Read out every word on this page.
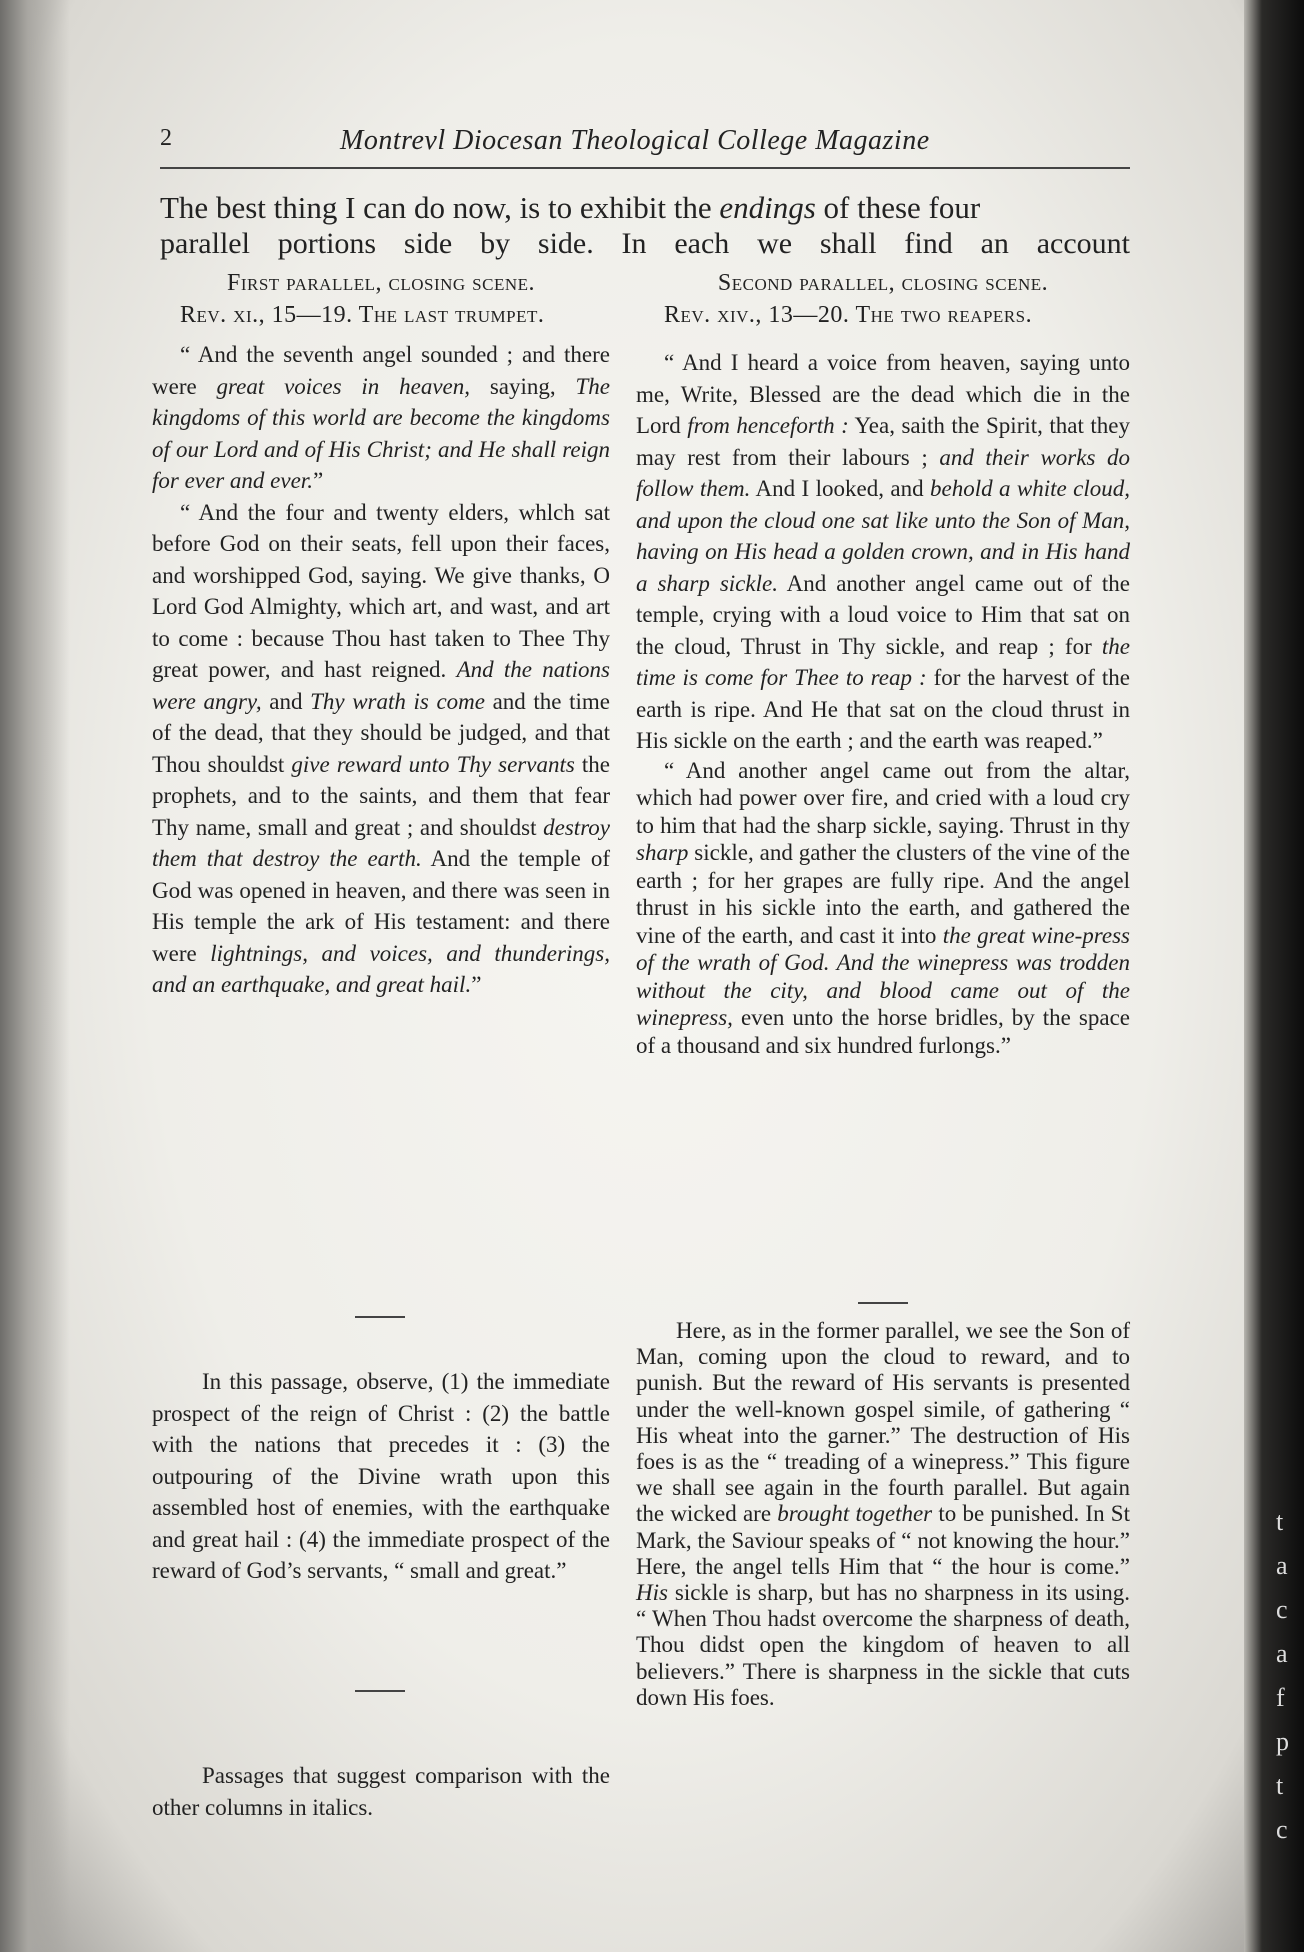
t
a
c
a
f
p
t
c
2	Montrevl Diocesan Theological College Magazine
The best thing I can do now, is to exhibit the endings of these four
parallel portions side by side. In each we shall find an account

First parallel, closing scene.

Rev. xi., 15—19. The last trumpet.

“ And the seventh angel sounded ; and there were great voices in heaven, saying, The kingdoms of this world are become the kingdoms of our Lord and of His Christ; and He shall reign for ever and ever.”

“ And the four and twenty elders, whlch sat before God on their seats, fell upon their faces, and worshipped God, saying. We give thanks, O Lord God Almighty, which art, and wast, and art to come : because Thou hast taken to Thee Thy great power, and hast reigned. And the nations were angry, and Thy wrath is come and the time of the dead, that they should be judged, and that Thou shouldst give reward unto Thy servants the prophets, and to the saints, and them that fear Thy name, small and great ; and shouldst destroy them that destroy the earth. And the temple of God was opened in heaven, and there was seen in His temple the ark of His testament: and there were lightnings, and voices, and thunderings, and an earthquake, and great hail.”

In this passage, observe, (1) the immediate prospect of the reign of Christ : (2) the battle with the nations that precedes it : (3) the outpouring of the Divine wrath upon this assembled host of enemies, with the earthquake and great hail : (4) the immediate prospect of the reward of God’s servants, “ small and great.”
Passages that suggest comparison with the other columns in italics.

Second parallel, closing scene.

Rev. xiv., 13—20. The two reapers.

“ And I heard a voice from heaven, saying unto me, Write, Blessed are the dead which die in the Lord from henceforth : Yea, saith the Spirit, that they may rest from their labours ; and their works do follow them. And I looked, and behold a white cloud, and upon the cloud one sat like unto the Son of Man, having on His head a golden crown, and in His hand a sharp sickle. And another angel came out of the temple, crying with a loud voice to Him that sat on the cloud, Thrust in Thy sickle, and reap ; for the time is come for Thee to reap : for the harvest of the earth is ripe. And He that sat on the cloud thrust in His sickle on the earth ; and the earth was reaped.”

“ And another angel came out from the altar, which had power over fire, and cried with a loud cry to him that had the sharp sickle, saying. Thrust in thy sharp sickle, and gather the clusters of the vine of the earth ; for her grapes are fully ripe. And the angel thrust in his sickle into the earth, and gathered the vine of the earth, and cast it into the great wine-press of the wrath of God. And the winepress was trodden without the city, and blood came out of the winepress, even unto the horse bridles, by the space of a thousand and six hundred furlongs.”

Here, as in the former parallel, we see the Son of Man, coming upon the cloud to reward, and to punish. But the reward of His servants is presented under the well-known gospel simile, of gathering “ His wheat into the garner.” The destruction of His foes is as the “ treading of a winepress.” This figure we shall see again in the fourth parallel. But again the wicked are brought together to be punished. In St Mark, the Saviour speaks of “ not knowing the hour.” Here, the angel tells Him that “ the hour is come.” His sickle is sharp, but has no sharpness in its using. “ When Thou hadst overcome the sharpness of death, Thou didst open the kingdom of heaven to all believers.” There is sharpness in the sickle that cuts down His foes.
